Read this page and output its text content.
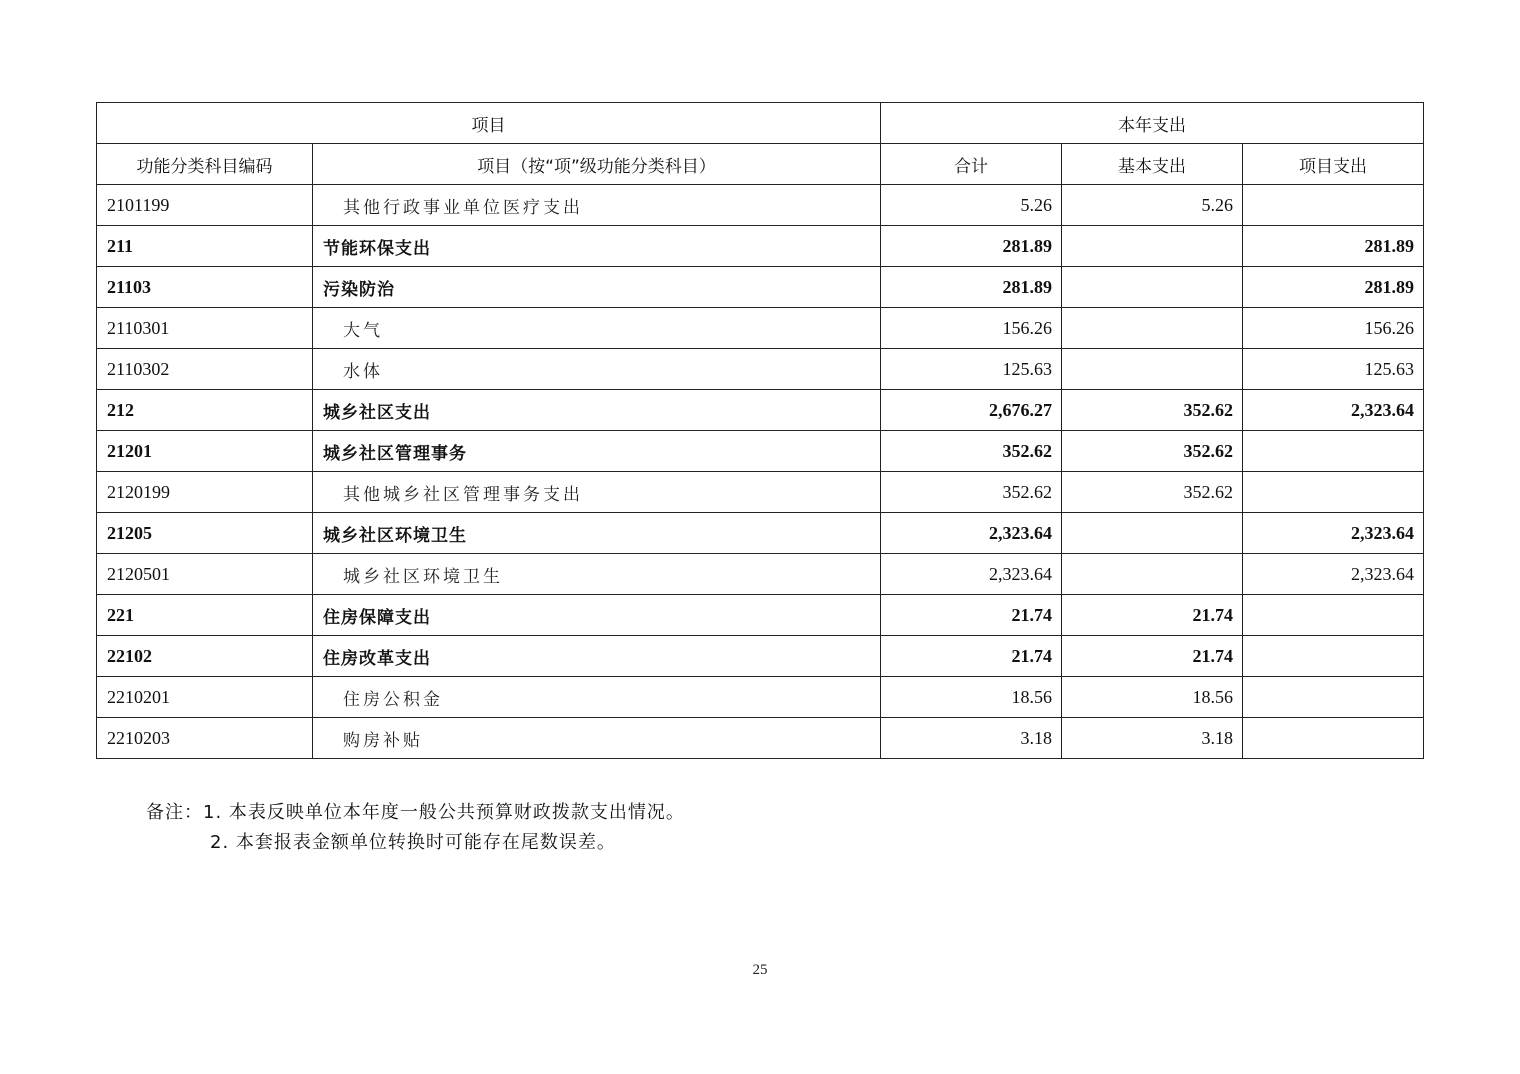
项目		本年支出		
功能分类科目编码	项目（按“项”级功能分类科目）	合计	基本支出	项目支出
2101199	其他行政事业单位医疗支出	5.26	5.26	
211	节能环保支出	281.89		281.89
21103	污染防治	281.89		281.89
2110301	大气	156.26		156.26
2110302	水体	125.63		125.63
212	城乡社区支出	2,676.27	352.62	2,323.64
21201	城乡社区管理事务	352.62	352.62	
2120199	其他城乡社区管理事务支出	352.62	352.62	
21205	城乡社区环境卫生	2,323.64		2,323.64
2120501	城乡社区环境卫生	2,323.64		2,323.64
221	住房保障支出	21.74	21.74	
22102	住房改革支出	21.74	21.74	
2210201	住房公积金	18.56	18.56	
2210203	购房补贴	3.18	3.18	
备注：1. 本表反映单位本年度一般公共预算财政拨款支出情况。
2. 本套报表金额单位转换时可能存在尾数误差。
25
